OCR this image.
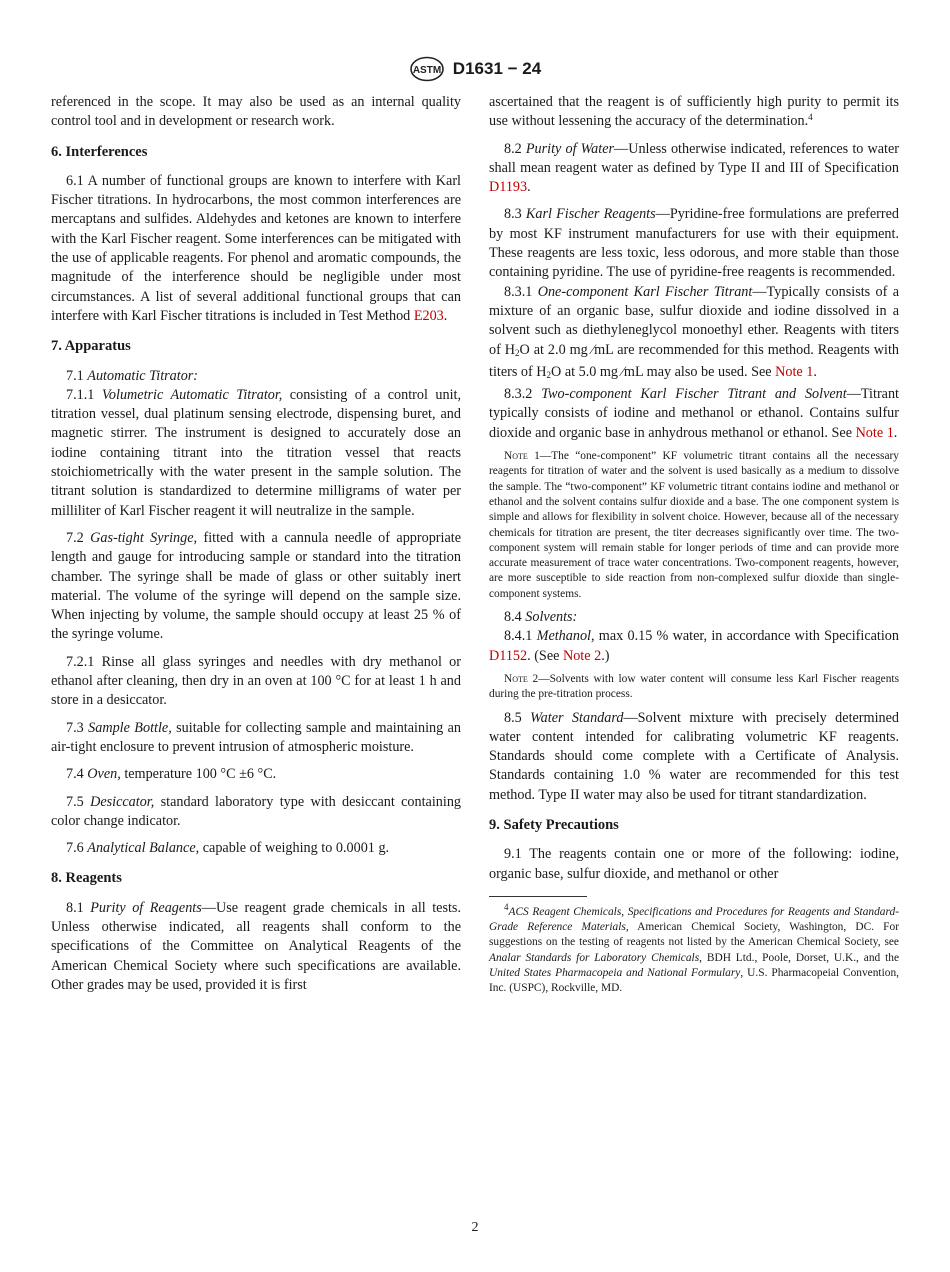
ASTM D1631 − 24

referenced in the scope. It may also be used as an internal quality control tool and in development or research work.

6. Interferences

6.1 A number of functional groups are known to interfere with Karl Fischer titrations. In hydrocarbons, the most common interferences are mercaptans and sulfides. Aldehydes and ketones are known to interfere with the Karl Fischer reagent. Some interferences can be mitigated with the use of applicable reagents. For phenol and aromatic compounds, the magnitude of the interference should be negligible under most circumstances. A list of several additional functional groups that can interfere with Karl Fischer titrations is included in Test Method E203.

7. Apparatus

7.1 Automatic Titrator:

7.1.1 Volumetric Automatic Titrator, consisting of a control unit, titration vessel, dual platinum sensing electrode, dispensing buret, and magnetic stirrer. The instrument is designed to accurately dose an iodine containing titrant into the titration vessel that reacts stoichiometrically with the water present in the sample solution. The titrant solution is standardized to determine milligrams of water per milliliter of Karl Fischer reagent it will neutralize in the sample.

7.2 Gas-tight Syringe, fitted with a cannula needle of appropriate length and gauge for introducing sample or standard into the titration chamber. The syringe shall be made of glass or other suitably inert material. The volume of the syringe will depend on the sample size. When injecting by volume, the sample should occupy at least 25 % of the syringe volume.

7.2.1 Rinse all glass syringes and needles with dry methanol or ethanol after cleaning, then dry in an oven at 100 °C for at least 1 h and store in a desiccator.

7.3 Sample Bottle, suitable for collecting sample and maintaining an air-tight enclosure to prevent intrusion of atmospheric moisture.

7.4 Oven, temperature 100 °C ±6 °C.

7.5 Desiccator, standard laboratory type with desiccant containing color change indicator.

7.6 Analytical Balance, capable of weighing to 0.0001 g.

8. Reagents

8.1 Purity of Reagents—Use reagent grade chemicals in all tests. Unless otherwise indicated, all reagents shall conform to the specifications of the Committee on Analytical Reagents of the American Chemical Society where such specifications are available. Other grades may be used, provided it is first

ascertained that the reagent is of sufficiently high purity to permit its use without lessening the accuracy of the determination.$^4$

8.2 Purity of Water—Unless otherwise indicated, references to water shall mean reagent water as defined by Type II and III of Specification D1193.

8.3 Karl Fischer Reagents—Pyridine-free formulations are preferred by most KF instrument manufacturers for use with their equipment. These reagents are less toxic, less odorous, and more stable than those containing pyridine. The use of pyridine-free reagents is recommended.

8.3.1 One-component Karl Fischer Titrant—Typically consists of a mixture of an organic base, sulfur dioxide and iodine dissolved in a solvent such as diethyleneglycol monoethyl ether. Reagents with titers of $H_2O$ at 2.0 mg ⁄mL are recommended for this method. Reagents with titers of $H_2O$ at 5.0 mg ⁄mL may also be used. See Note 1.

8.3.2 Two-component Karl Fischer Titrant and Solvent—Titrant typically consists of iodine and methanol or ethanol. Contains sulfur dioxide and organic base in anhydrous methanol or ethanol. See Note 1.

Note 1—The “one-component” KF volumetric titrant contains all the necessary reagents for titration of water and the solvent is used basically as a medium to dissolve the sample. The “two-component” KF volumetric titrant contains iodine and methanol or ethanol and the solvent contains sulfur dioxide and a base. The one component system is simple and allows for flexibility in solvent choice. However, because all of the necessary chemicals for titration are present, the titer decreases significantly over time. The two-component system will remain stable for longer periods of time and can provide more accurate measurement of trace water concentrations. Two-component reagents, however, are more susceptible to side reaction from non-complexed sulfur dioxide than single-component systems.

8.4 Solvents:

8.4.1 Methanol, max 0.15 % water, in accordance with Specification D1152. (See Note 2.)

Note 2—Solvents with low water content will consume less Karl Fischer reagents during the pre-titration process.

8.5 Water Standard—Solvent mixture with precisely determined water content intended for calibrating volumetric KF reagents. Standards should come complete with a Certificate of Analysis. Standards containing 1.0 % water are recommended for this test method. Type II water may also be used for titrant standardization.

9. Safety Precautions

9.1 The reagents contain one or more of the following: iodine, organic base, sulfur dioxide, and methanol or other

$^4$ACS Reagent Chemicals, Specifications and Procedures for Reagents and Standard-Grade Reference Materials, American Chemical Society, Washington, DC. For suggestions on the testing of reagents not listed by the American Chemical Society, see Analar Standards for Laboratory Chemicals, BDH Ltd., Poole, Dorset, U.K., and the United States Pharmacopeia and National Formulary, U.S. Pharmacopeial Convention, Inc. (USPC), Rockville, MD.

2
